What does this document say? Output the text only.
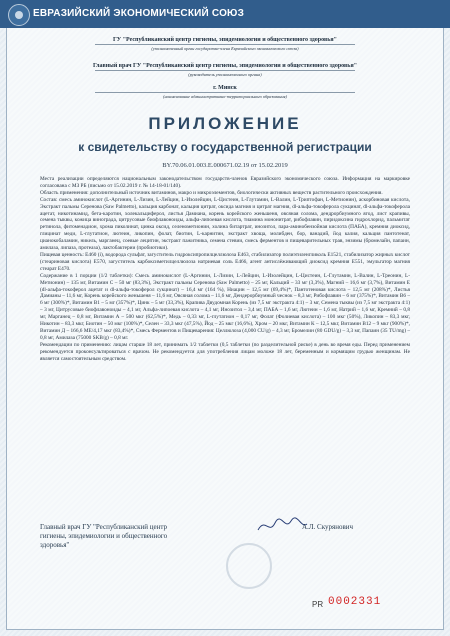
ЕВРАЗИЙСКИЙ ЭКОНОМИЧЕСКИЙ СОЮЗ
ГУ "Республиканский центр гигиены, эпидемиологии и общественного здоровья"
(уполномоченный орган государства-члена Евразийского экономического союза)
Главный врач ГУ "Республиканский центр гигиены, эпидемиологии и общественного здоровья"
(руководитель уполномоченного органа)
г. Минск
(наименование административно-территориального образования)
ПРИЛОЖЕНИЕ
к свидетельству о государственной регистрации
BY.70.06.01.003.E.000671.02.19 от 15.02.2019

Места реализации определяются национальным законодательством государств-членов Евразийского экономического союза. Информация на маркировке согласована с МЗ РБ (письмо от 15.02.2019 г. № 14-18-01/140).

Область применения: дополнительный источник витаминов, макро и микроэлементов, биологически активных веществ растительного происхождения.

Состав: смесь аминокислот (L-Аргинин, L-Лизин, L-Лейцин, L-Изолейцин, L-Цистеин, L-Глутамин, L-Валин, L-Триптофан, L-Метионин), аскорбиновая кислота, Экстракт пальмы Серенова (Saw Palmetto), кальция карбонат, кальция цитрат, оксида магния и цитрат магния, dl-альфа-токоферола сукцинат, dl-альфа-токоферола ацетат, никотинамид, бета-каротин, холекальциферол, листья Дамиана, корень корейского женьшеня, овсяная солома, дендрорбиумного ягод, лист крапивы, семена тыквы, кожица винограда, цитрусовые биофлавоноиды, альфа-липоевая кислота, тиамина мононитрат, рибофлавин, пиридоксина гидрохлорид, пальмитат ретинола, фитоменадион, хрома пиколинат, цинка оксид, селенометионин, холина битартрат, инозитол, пара-аминобензойная кислота (ПАБА), кремния диоксид, глицинат меди, L-глутатион, лютеин, ликопин, фолат, биотин, L-карнитин, экстракт хвоща, молибден, бор, ванадий, йод калия, кальция пантотенат, цианокобаламин, никель, марганец, соевые лецитин, экстракт пажитника, семена стевии, смесь ферментов и пищеварительных трав, энзимы (бромелайн, папаин, амилаза, липаза, протеаза), лактобактерии (пробиотики).

Пищевая ценность: E460 (i), водорода сульфат, загуститель гидроксипропилцеллюлоза E463, стабилизатор полиэтиленгликоль E1521, стабилизатор жирных кислот (стеариновая кислота) E570, загуститель карбоксиметилцеллюлоза натриевая соль E466, агент антислёживающий диоксид кремния E551, эмульгатор магния стеарат E470.

Содержание в 1 порции (1/2 таблетки): Смесь аминокислот (L-Аргинин, L-Лизин, L-Лейцин, L-Изолейцин, L-Цистеин, L-Глутамин, L-Валин, L-Треонин, L-Метионин) – 135 мг, Витамин С – 50 мг (83,3%), Экстракт пальмы Серенова (Saw Palmetto) – 25 мг, Кальций – 33 мг (3,3%), Магний – 16,6 мг (3,7%), Витамин Е (dl-альфа-токоферол ацетат и dl-альфа-токоферол сукцинат) – 16,4 мг (164 %), Ниацин – 12,5 мг (69,4%)*, Пантотеновая кислота – 12,5 мг (208%)*, Листья Дамианы – 11,6 мг, Корень корейского женьшеня – 11,6 мг, Овсяная солома – 11,6 мг, Дендерорбиумный чеснок – 8,3 мг, Рибофлавин – 6 мг (375%)*, Витамин В6 – 6 мг (300%)*, Витамин В1 – 5 мг (357%)*, Цинк – 5 мг (33,3%), Крапива Двудомная Корень (из 7,5 мг экстракта 4:1) – 3 мг, Семена тыквы (из 7,5 мг экстракта 4:1) – 3 мг, Цитрусовые биофлавоноиды – 4,1 мг, Альфа-липоевая кислота – 4,1 мг, Инозитол – 3,4 мг, ПАБА – 1,6 мг, Лютеин – 1,6 мг, Натрий – 1,6 мг, Кремний – 0,8 мг, Марганец – 0,8 мг, Витамин А – 500 мкг (62,5%)*, Медь – 0,33 мг, L-глутатион – 0,17 мг, Фолат (Фолиевая кислота) – 100 мкг (50%), Ликопин – 83,3 мкг, Никотин – 83,3 мкг, Биотин – 50 мкг (100%)*, Селен – 33,3 мкг (47,5%), Йод – 25 мкг (16,6%), Хром – 20 мкг, Витамин К – 12,5 мкг, Витамин В12 – 9 мкг (900%)*, Витамин Д – 166,6 МЕ/4,17 мкг (83,4%)*, Смесь Ферментов и Пищеварения: Целлюлоза (4,000 CU/g) – 4,3 мг, Бромелин (80 GDU/g) – 3,3 мг, Папаин (35 TU/mg) – 0,8 мг, Амилаза (75000 SKB/g) – 0,8 мг.

Рекомендации по применению: лицам старше 18 лет, принимать 1/2 таблетки (0,5 таблетки (по разделительной риске) в день во время еды. Перед применением рекомендуется проконсультироваться с врачом. Не рекомендуется для употребления лицам моложе 18 лет, беременным и кормящим грудью женщинам. Не является самостоятельным средством.

Главный врач ГУ "Республиканский центр гигиены, эпидемиологии и общественного здоровья"
А.Л. Скурянович
PR 0002331
